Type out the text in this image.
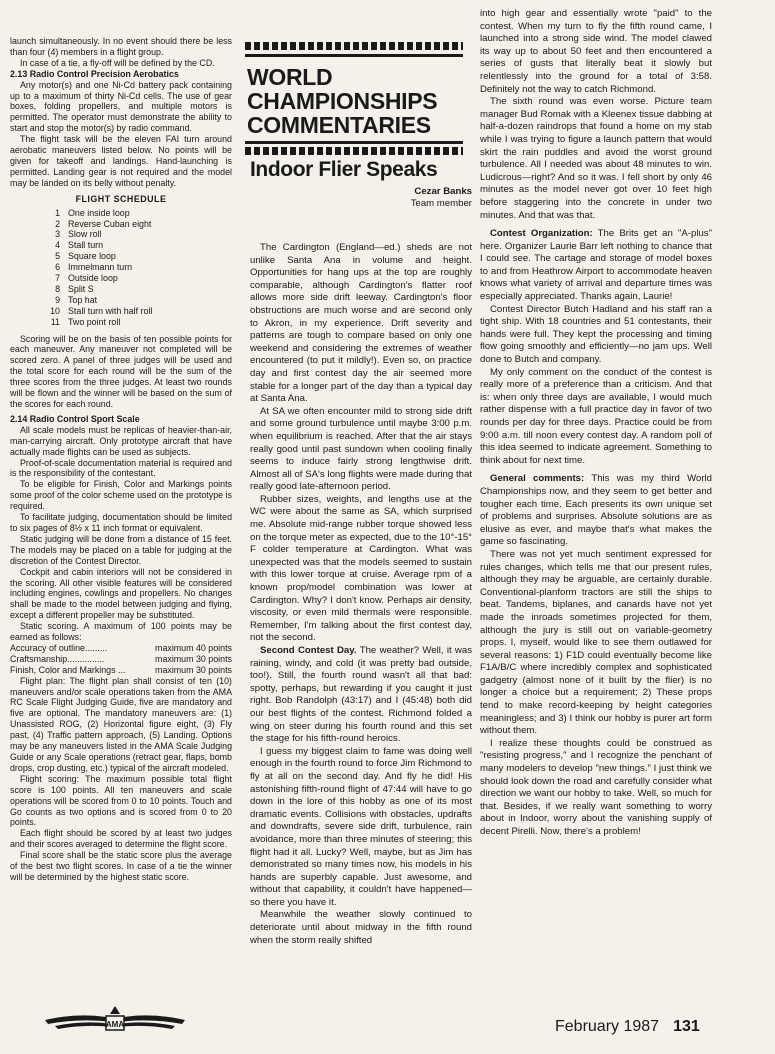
launch simultaneously. In no event should there be less than four (4) members in a flight group.

In case of a tie, a fly-off will be defined by the CD.

2.13 Radio Control Precision Aerobatics

Any motor(s) and one Ni-Cd battery pack containing up to a maximum of thirty Ni-Cd cells. The use of gear boxes, folding propellers, and multiple motors is permitted. The operator must demonstrate the ability to start and stop the motor(s) by radio command.

The flight task will be the eleven FAI turn around aerobatic maneuvers listed below. No points will be given for takeoff and landings. Hand-launching is permitted. Landing gear is not required and the model may be landed on its belly without penalty.

FLIGHT SCHEDULE
1 One inside loop
2 Reverse Cuban eight
3 Slow roll
4 Stall turn
5 Square loop
6 Immelmann turn
7 Outside loop
8 Split S
9 Top hat
10 Stall turn with half roll
11 Two point roll

Scoring will be on the basis of ten possible points for each maneuver. Any maneuver not completed will be scored zero. A panel of three judges will be used and the total score for each round will be the sum of the three scores from the three judges. At least two rounds will be flown and the winner will be based on the sum of the scores for each round.

2.14 Radio Control Sport Scale

All scale models must be replicas of heavier-than-air, man-carrying aircraft. Only prototype aircraft that have actually made flights can be used as subjects.

Proof-of-scale documentation material is required and is the responsibility of the contestant.

To be eligible for Finish, Color and Markings points some proof of the color scheme used on the prototype is required.

To facilitate judging, documentation should be limited to six pages of 8½ x 11 inch format or equivalent.

Static judging will be done from a distance of 15 feet. The models may be placed on a table for judging at the discretion of the Contest Director.

Cockpit and cabin interiors will not be considered in the scoring. All other visible features will be considered including engines, cowlings and propellers. No changes shall be made to the model between judging and flying, except a different propeller may be substituted.

Static scoring. A maximum of 100 points may be earned as follows:

Accuracy of outline.........	maximum 40 points
Craftsmanship...............	maximum 30 points
Finish, Color and Markings ...	maximum 30 points

Flight plan: The flight plan shall consist of ten (10) maneuvers and/or scale operations taken from the AMA RC Scale Flight Judging Guide, five are mandatory and five are optional. The mandatory maneuvers are: (1) Unassisted ROG, (2) Horizontal figure eight, (3) Fly past, (4) Traffic pattern approach, (5) Landing. Options may be any maneuvers listed in the AMA Scale Judging Guide or any Scale operations (retract gear, flaps, bomb drops, crop dusting, etc.) typical of the aircraft modeled.

Flight scoring: The maximum possible total flight score is 100 points. All ten maneuvers and scale operations will be scored from 0 to 10 points. Touch and Go counts as two options and is scored from 0 to 20 points.

Each flight should be scored by at least two judges and their scores averaged to determine the flight score.

Final score shall be the static score plus the average of the best two flight scores. In case of a tie the winner will be determined by the highest static score.

WORLD
CHAMPIONSHIPS
COMMENTARIES
Indoor Flier Speaks
Cezar Banks
Team member

The Cardington (England—ed.) sheds are not unlike Santa Ana in volume and height. Opportunities for hang ups at the top are roughly comparable, although Cardington's flatter roof allows more side drift leeway. Cardington's floor obstructions are much worse and are second only to Akron, in my experience. Drift severity and patterns are tough to compare based on only one weekend and considering the extremes of weather encountered (to put it mildly!). Even so, on practice day and first contest day the air seemed more stable for a longer part of the day than a typical day at Santa Ana.

At SA we often encounter mild to strong side drift and some ground turbulence until maybe 3:00 p.m. when equilibrium is reached. After that the air stays really good until past sundown when cooling finally seems to induce fairly strong lengthwise drift. Almost all of SA's long flights were made during that really good late-afternoon period.

Rubber sizes, weights, and lengths use at the WC were about the same as SA, which surprised me. Absolute mid-range rubber torque showed less on the torque meter as expected, due to the 10°-15° F colder temperature at Cardington. What was unexpected was that the models seemed to sustain with this lower torque at cruise. Average rpm of a known prop/model combination was lower at Cardington. Why? I don't know. Perhaps air density, viscosity, or even mild thermals were responsible. Remember, I'm talking about the first contest day, not the second.

Second Contest Day. The weather? Well, it was raining, windy, and cold (it was pretty bad outside, too!). Still, the fourth round wasn't all that bad: spotty, perhaps, but rewarding if you caught it just right. Bob Randolph (43:17) and I (45:48) both did our best flights of the contest. Richmond folded a wing on steer during his fourth round and this set the stage for his fifth-round heroics.

I guess my biggest claim to fame was doing well enough in the fourth round to force Jim Richmond to fly at all on the second day. And fly he did! His astonishing fifth-round flight of 47:44 will have to go down in the lore of this hobby as one of its most dramatic events. Collisions with obstacles, updrafts and downdrafts, severe side drift, turbulence, rain avoidance, more than three minutes of steering; this flight had it all. Lucky? Well, maybe, but as Jim has demonstrated so many times now, his models in his hands are superbly capable. Just awesome, and without that capability, it couldn't have happened—so there you have it.

Meanwhile the weather slowly continued to deteriorate until about midway in the fifth round when the storm really shifted

into high gear and essentially wrote "paid" to the contest. When my turn to fly the fifth round came, I launched into a strong side wind. The model clawed its way up to about 50 feet and then encountered a series of gusts that literally beat it slowly but relentlessly into the ground for a total of 3:58. Definitely not the way to catch Richmond.

The sixth round was even worse. Picture team manager Bud Romak with a Kleenex tissue dabbing at half-a-dozen raindrops that found a home on my stab while I was trying to figure a launch pattern that would skirt the rain puddles and avoid the worst ground turbulence. All I needed was about 48 minutes to win. Ludicrous—right? And so it was. I fell short by only 46 minutes as the model never got over 10 feet high before staggering into the concrete in under two minutes. And that was that.

Contest Organization: The Brits get an "A-plus" here. Organizer Laurie Barr left nothing to chance that I could see. The cartage and storage of model boxes to and from Heathrow Airport to accommodate heaven knows what variety of arrival and departure times was especially appreciated. Thanks again, Laurie!

Contest Director Butch Hadland and his staff ran a tight ship. With 18 countries and 51 contestants, their hands were full. They kept the processing and timing flow going smoothly and efficiently—no jam ups. Well done to Butch and company.

My only comment on the conduct of the contest is really more of a preference than a criticism. And that is: when only three days are available, I would much rather dispense with a full practice day in favor of two rounds per day for three days. Practice could be from 9:00 a.m. till noon every contest day. A random poll of this idea seemed to indicate agreement. Something to think about for next time.

General comments: This was my third World Championships now, and they seem to get better and tougher each time. Each presents its own unique set of problems and surprises. Absolute solutions are as elusive as ever, and maybe that's what makes the game so fascinating.

There was not yet much sentiment expressed for rules changes, which tells me that our present rules, although they may be arguable, are certainly durable. Conventional-planform tractors are still the ships to beat. Tandems, biplanes, and canards have not yet made the inroads sometimes projected for them, although the jury is still out on variable-geometry props. I, myself, would like to see them outlawed for several reasons: 1) F1D could eventually become like F1A/B/C where incredibly complex and sophisticated gadgetry (almost none of it built by the flier) is no longer a choice but a requirement; 2) These props tend to make record-keeping by height categories meaningless; and 3) I think our hobby is purer art form without them.

I realize these thoughts could be construed as "resisting progress," and I recognize the penchant of many modelers to develop "new things." I just think we should look down the road and carefully consider what direction we want our hobby to take. Well, so much for that. Besides, if we really want something to worry about in Indoor, worry about the vanishing supply of decent Pirelli. Now, there's a problem!

AMA	February 1987 131
